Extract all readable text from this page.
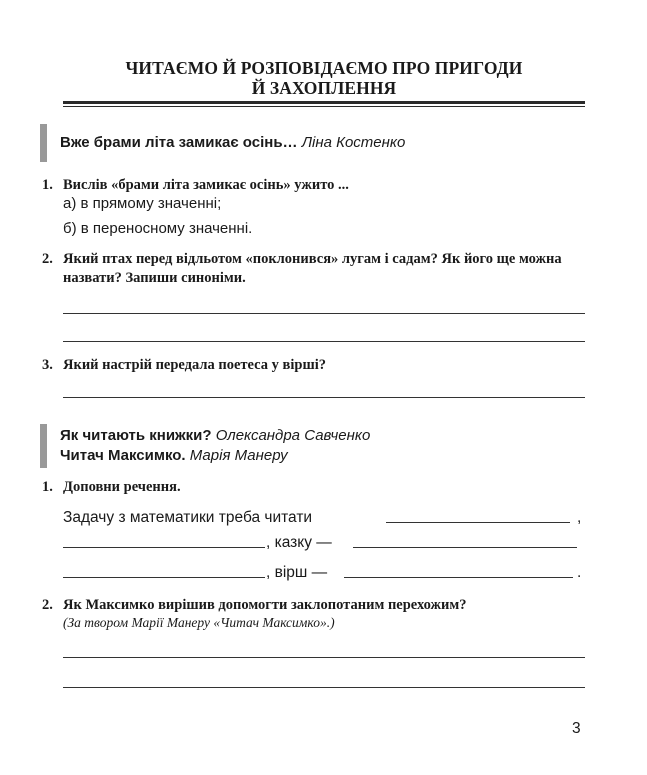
ЧИТАЄМО Й РОЗПОВІДАЄМО ПРО ПРИГОДИ
Й ЗАХОПЛЕННЯ
Вже брами літа замикає осінь… Ліна Костенко
1. Вислів «брами літа замикає осінь» ужито ...
а) в прямому значенні;
б) в переносному значенні.
2. Який птах перед відльотом «поклонився» лугам і садам? Як його ще можна назвати? Запиши синоніми.
3. Який настрій передала поетеса у вірші?
Як читають книжки? Олександра Савченко
Читач Максимко. Марія Манеру
1. Доповни речення.
Задачу з математики треба читати	,
, казку —
, вірш —	.
2. Як Максимко вирішив допомогти заклопотаним перехожим?
(За твором Марії Манеру «Читач Максимко».)
3
